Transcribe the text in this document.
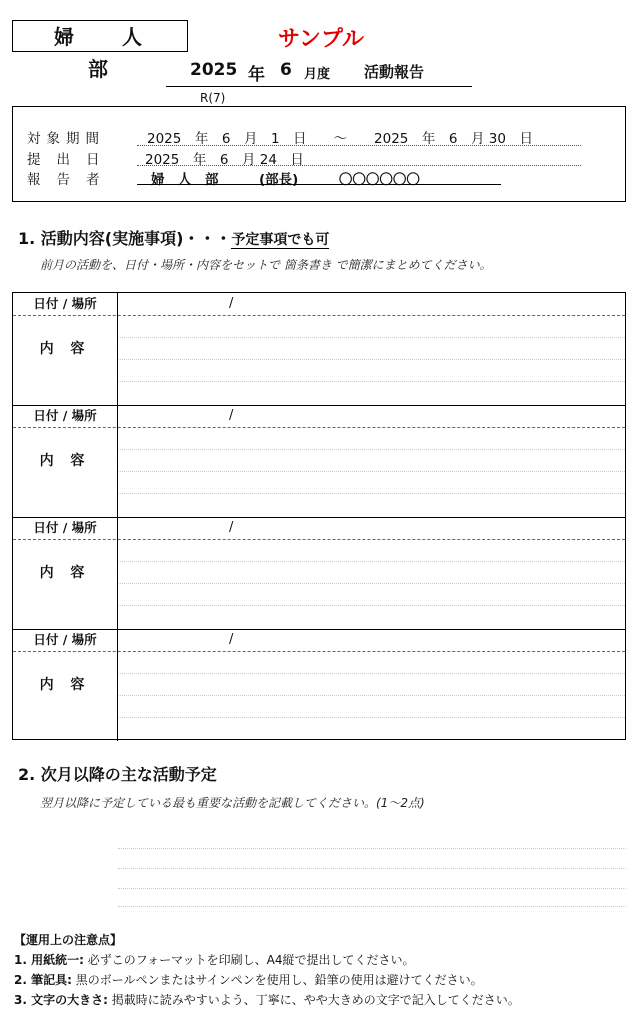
婦　人　部
サンプル
2025 年 6 月度 活動報告
R(7)
対象期間	2025　年　6　月　1　日　　～　　2025　年　6　月 30　日
提出日 2025　年　6　月 24　日
報告者	婦　人　部　　　(部長)　　　〇〇〇〇〇〇
1. 活動内容(実施事項)・・・予定事項でも可
前月の活動を、日付・場所・内容をセットで 箇条書き で簡潔にまとめてください。
日付 / 場所	/
内 容
日付 / 場所	/
内 容
日付 / 場所	/
内 容
日付 / 場所	/
内 容
2. 次月以降の主な活動予定
翌月以降に予定している最も重要な活動を記載してください。(1～2点)
【運用上の注意点】
1. 用紙統一: 必ずこのフォーマットを印刷し、A4縦で提出してください。
2. 筆記具: 黒のボールペンまたはサインペンを使用し、鉛筆の使用は避けてください。
3. 文字の大きさ: 掲載時に読みやすいよう、丁寧に、やや大きめの文字で記入してください。
